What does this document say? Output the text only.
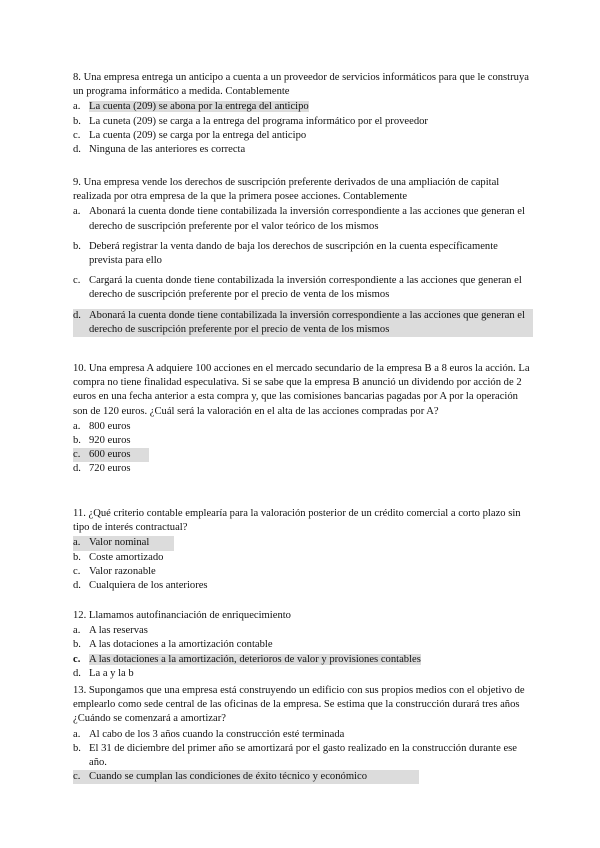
8. Una empresa entrega un anticipo a cuenta a un proveedor de servicios informáticos para que le construya un programa informático a medida. Contablemente

a. La cuenta (209) se abona por la entrega del anticipo
b. La cuneta (209) se carga a la entrega del programa informático por el proveedor
c. La cuenta (209) se carga por la entrega del anticipo
d. Ninguna de las anteriores es correcta

9. Una empresa vende los derechos de suscripción preferente derivados de una ampliación de capital realizada por otra empresa de la que la primera posee acciones. Contablemente

a. Abonará la cuenta donde tiene contabilizada la inversión correspondiente a las acciones que generan el derecho de suscripción preferente por el valor teórico de los mismos
b. Deberá registrar la venta dando de baja los derechos de suscripción en la cuenta específicamente prevista para ello
c. Cargará la cuenta donde tiene contabilizada la inversión correspondiente a las acciones que generan el derecho de suscripción preferente por el precio de venta de los mismos
d. Abonará la cuenta donde tiene contabilizada la inversión correspondiente a las acciones que generan el derecho de suscripción preferente por el precio de venta de los mismos

10. Una empresa A adquiere 100 acciones en el mercado secundario de la empresa B a 8 euros la acción. La compra no tiene finalidad especulativa. Si se sabe que la empresa B anunció un dividendo por acción de 2 euros en una fecha anterior a esta compra y, que las comisiones bancarias pagadas por A por la operación son de 120 euros. ¿Cuál será la valoración en el alta de las acciones compradas por A?

a. 800 euros
b. 920 euros
c. 600 euros
d. 720 euros

11. ¿Qué criterio contable emplearía para la valoración posterior de un crédito comercial a corto plazo sin tipo de interés contractual?

a. Valor nominal
b. Coste amortizado
c. Valor razonable
d. Cualquiera de los anteriores

12. Llamamos autofinanciación de enriquecimiento

a. A las reservas
b. A las dotaciones a la amortización contable
c. A las dotaciones a la amortización, deterioros de valor y provisiones contables
d. La a y la b

13. Supongamos que una empresa está construyendo un edificio con sus propios medios con el objetivo de emplearlo como sede central de las oficinas de la empresa. Se estima que la construcción durará tres años ¿Cuándo se comenzará a amortizar?

a. Al cabo de los 3 años cuando la construcción esté terminada
b. El 31 de diciembre del primer año se amortizará por el gasto realizado en la construcción durante ese año.
c. Cuando se cumplan las condiciones de éxito técnico y económico
